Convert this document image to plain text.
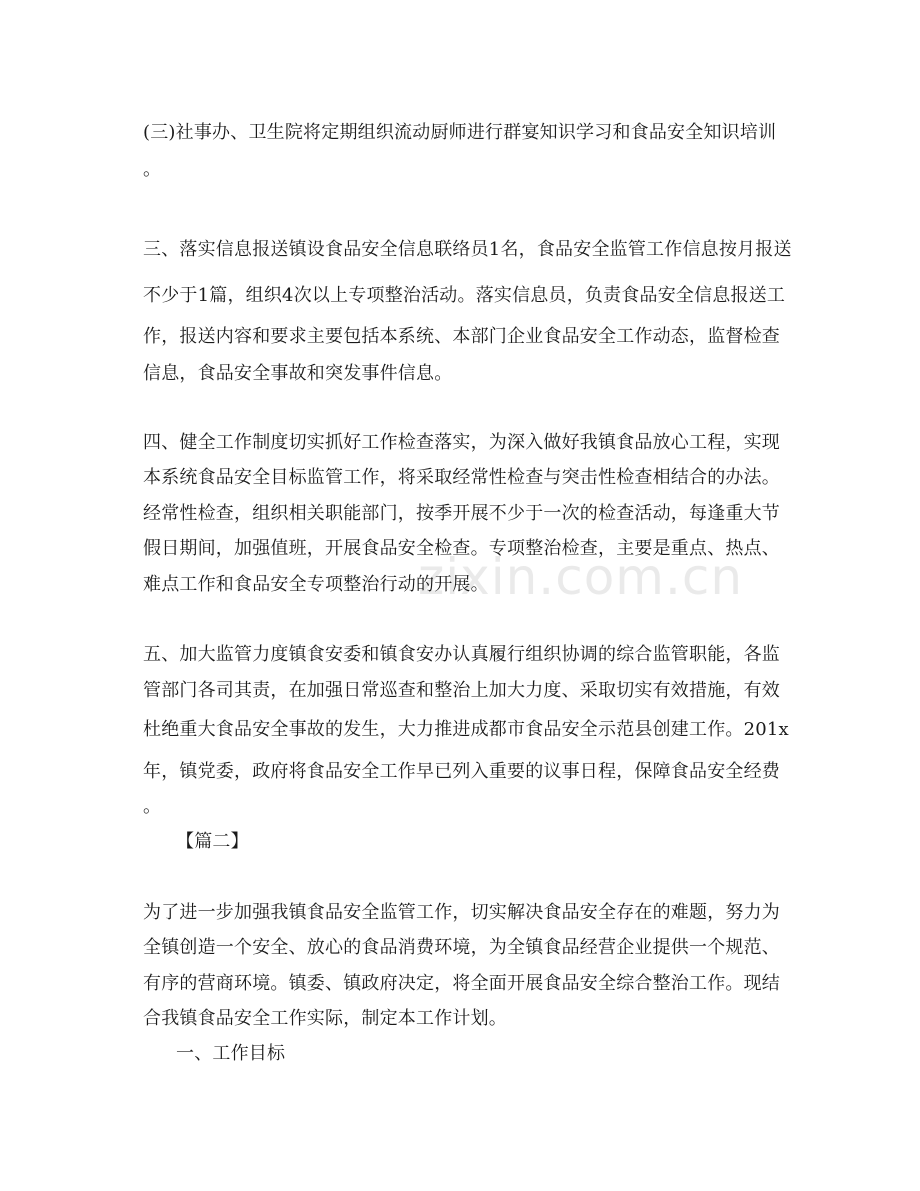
zixin.com.cn
(三)社事办、卫生院将定期组织流动厨师进行群宴知识学习和食品安全知识培训
。
三、落实信息报送镇设食品安全信息联络员1名，食品安全监管工作信息按月报送
不少于1篇，组织4次以上专项整治活动。落实信息员，负责食品安全信息报送工
作，报送内容和要求主要包括本系统、本部门企业食品安全工作动态，监督检查
信息，食品安全事故和突发事件信息。
四、健全工作制度切实抓好工作检查落实，为深入做好我镇食品放心工程，实现
本系统食品安全目标监管工作，将采取经常性检查与突击性检查相结合的办法。
经常性检查，组织相关职能部门，按季开展不少于一次的检查活动，每逢重大节
假日期间，加强值班，开展食品安全检查。专项整治检查，主要是重点、热点、
难点工作和食品安全专项整治行动的开展。
五、加大监管力度镇食安委和镇食安办认真履行组织协调的综合监管职能，各监
管部门各司其责，在加强日常巡查和整治上加大力度、采取切实有效措施，有效
杜绝重大食品安全事故的发生，大力推进成都市食品安全示范县创建工作。201x
年，镇党委，政府将食品安全工作早已列入重要的议事日程，保障食品安全经费
。
【篇二】
为了进一步加强我镇食品安全监管工作，切实解决食品安全存在的难题，努力为
全镇创造一个安全、放心的食品消费环境，为全镇食品经营企业提供一个规范、
有序的营商环境。镇委、镇政府决定，将全面开展食品安全综合整治工作。现结
合我镇食品安全工作实际，制定本工作计划。
一、工作目标
